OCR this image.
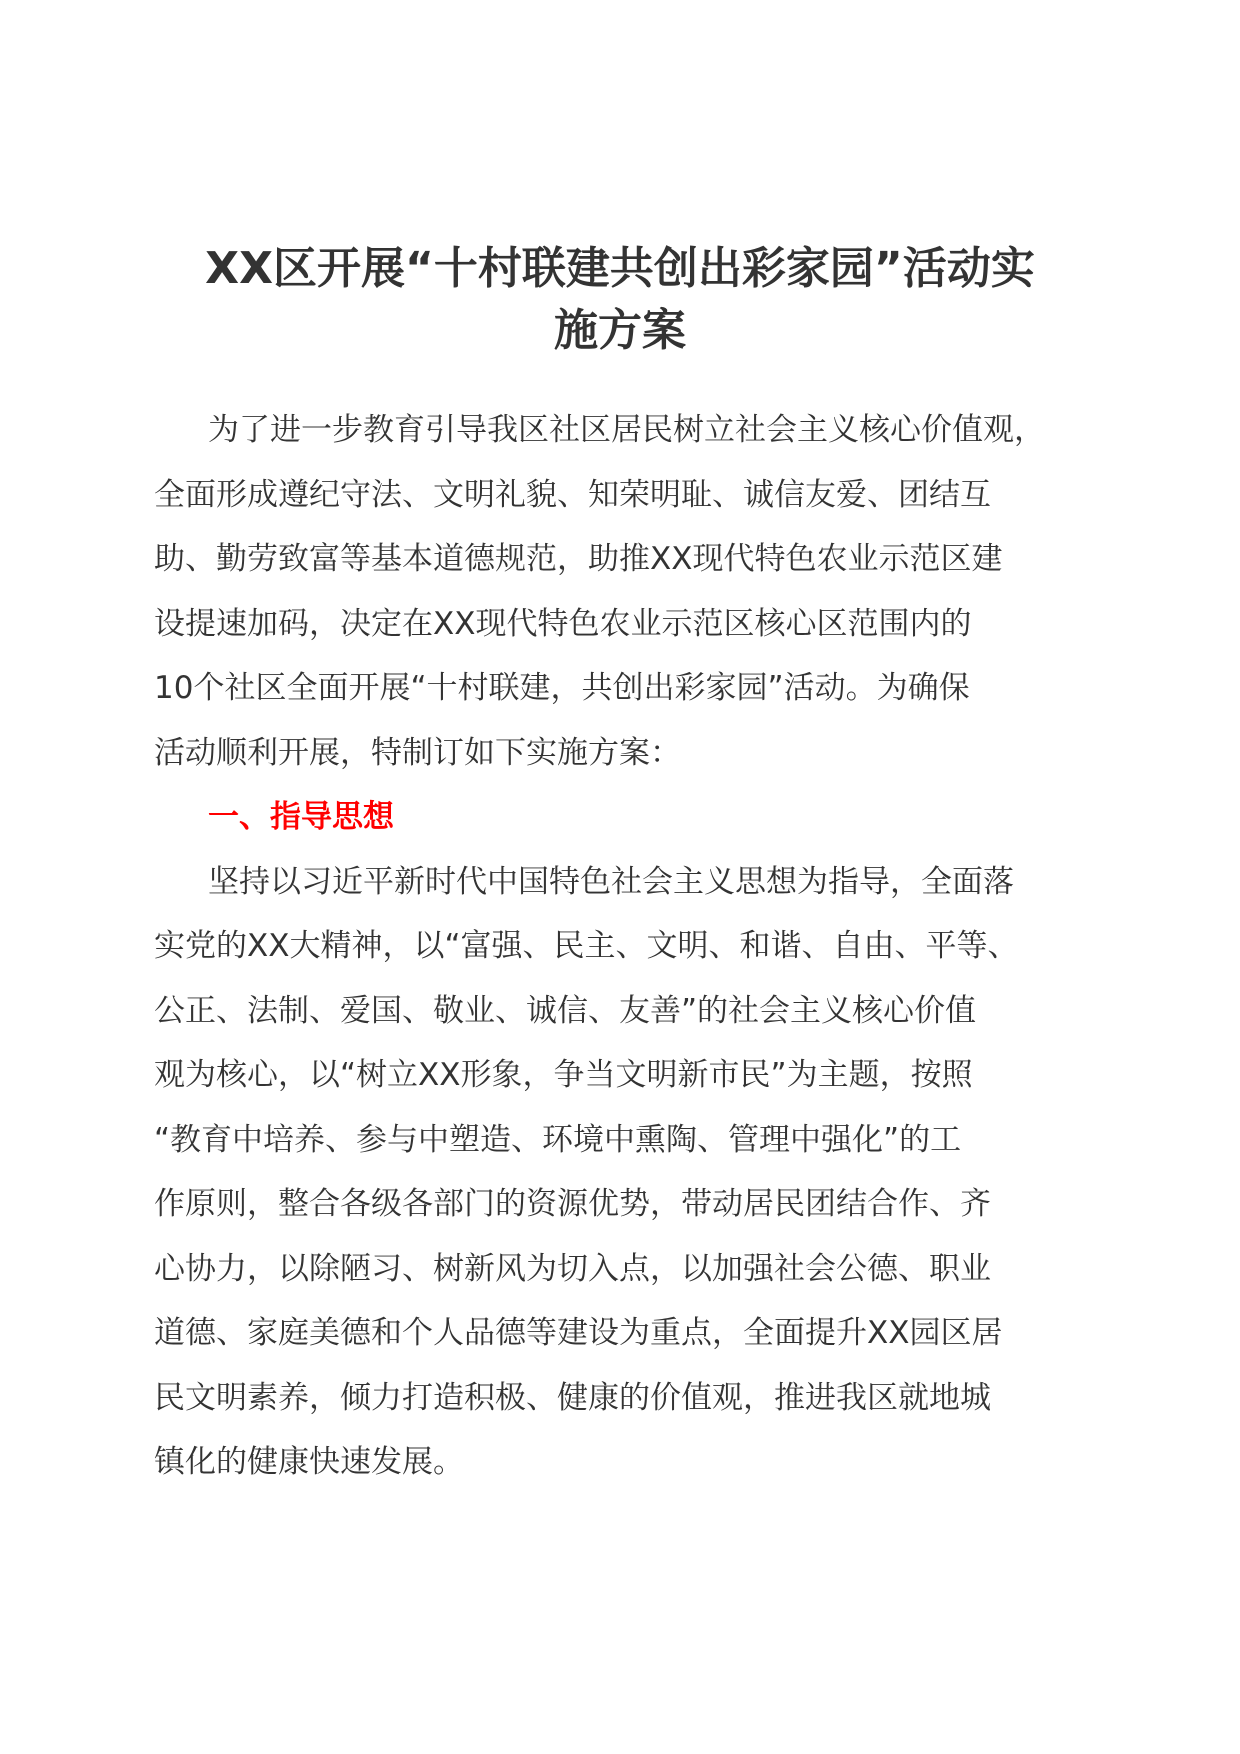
XX区开展“十村联建共创出彩家园”活动实
施方案

为了进一步教育引导我区社区居民树立社会主义核心价值观，
全面形成遵纪守法、文明礼貌、知荣明耻、诚信友爱、团结互
助、勤劳致富等基本道德规范，助推XX现代特色农业示范区建
设提速加码，决定在XX现代特色农业示范区核心区范围内的
10个社区全面开展“十村联建，共创出彩家园”活动。为确保
活动顺利开展，特制订如下实施方案：

一、指导思想

坚持以习近平新时代中国特色社会主义思想为指导，全面落
实党的XX大精神，以“富强、民主、文明、和谐、自由、平等、
公正、法制、爱国、敬业、诚信、友善”的社会主义核心价值
观为核心，以“树立XX形象，争当文明新市民”为主题，按照
“教育中培养、参与中塑造、环境中熏陶、管理中强化”的工
作原则，整合各级各部门的资源优势，带动居民团结合作、齐
心协力，以除陋习、树新风为切入点，以加强社会公德、职业
道德、家庭美德和个人品德等建设为重点，全面提升XX园区居
民文明素养，倾力打造积极、健康的价值观，推进我区就地城
镇化的健康快速发展。
